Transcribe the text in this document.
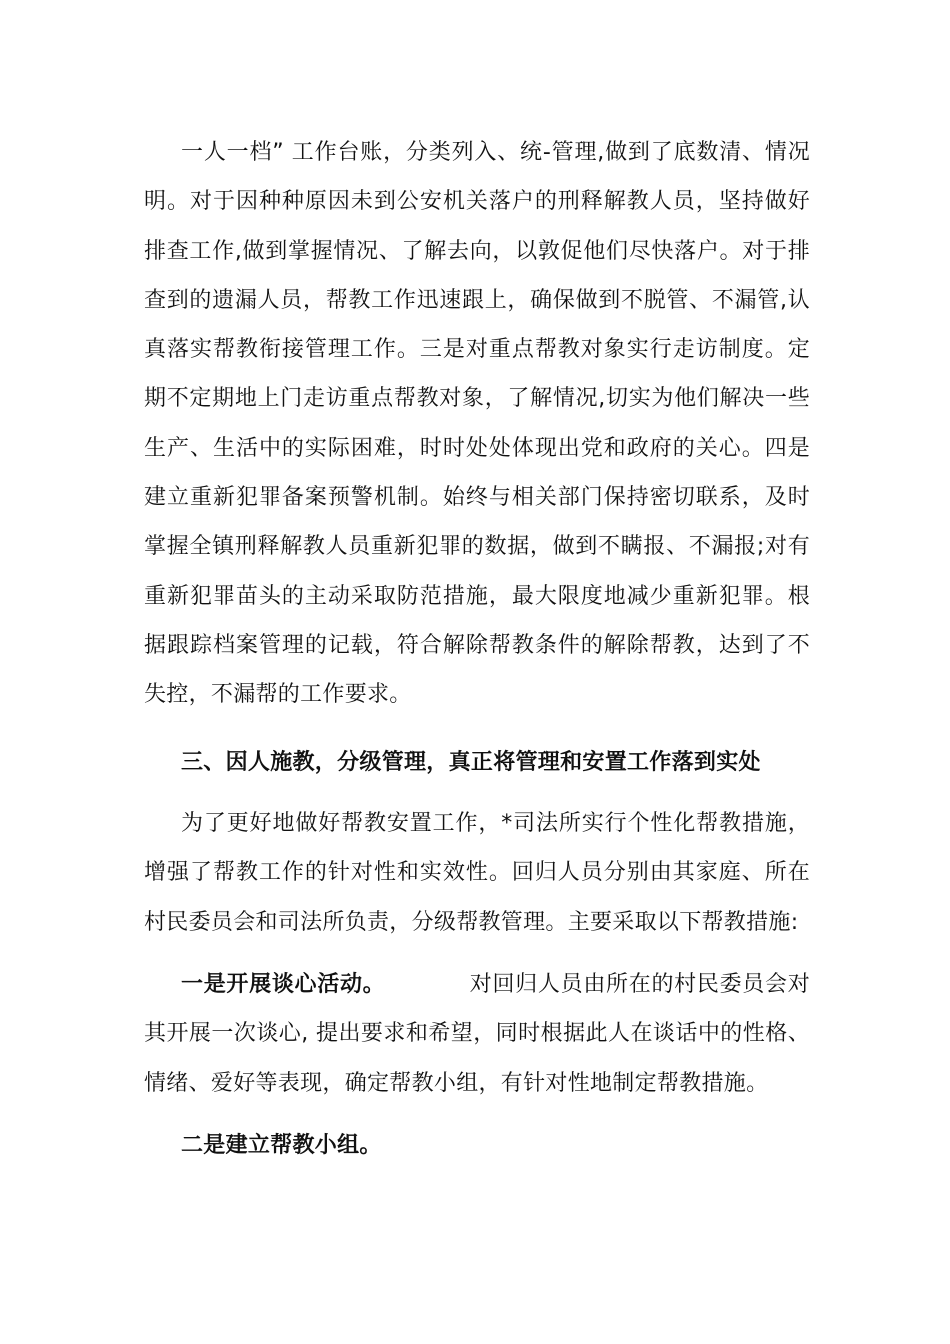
一人一档” 工作台账，分类列入、统-管理,做到了底数清、情况明。对于因种种原因未到公安机关落户的刑释解教人员，坚持做好排查工作,做到掌握情况、了解去向，以敦促他们尽快落户。对于排查到的遗漏人员，帮教工作迅速跟上，确保做到不脱管、不漏管,认真落实帮教衔接管理工作。三是对重点帮教对象实行走访制度。定期不定期地上门走访重点帮教对象，了解情况,切实为他们解决一些生产、生活中的实际困难，时时处处体现出党和政府的关心。四是建立重新犯罪备案预警机制。始终与相关部门保持密切联系，及时掌握全镇刑释解教人员重新犯罪的数据，做到不瞒报、不漏报;对有重新犯罪苗头的主动采取防范措施，最大限度地减少重新犯罪。根据跟踪档案管理的记载，符合解除帮教条件的解除帮教，达到了不失控，不漏帮的工作要求。
三、因人施教，分级管理，真正将管理和安置工作落到实处
为了更好地做好帮教安置工作，*司法所实行个性化帮教措施，增强了帮教工作的针对性和实效性。回归人员分别由其家庭、所在村民委员会和司法所负责，分级帮教管理。主要采取以下帮教措施:
一是开展谈心活动。	对回归人员由所在的村民委员会对其开展一次谈心, 提出要求和希望，同时根据此人在谈话中的性格、情绪、爱好等表现，确定帮教小组，有针对性地制定帮教措施。
二是建立帮教小组。
